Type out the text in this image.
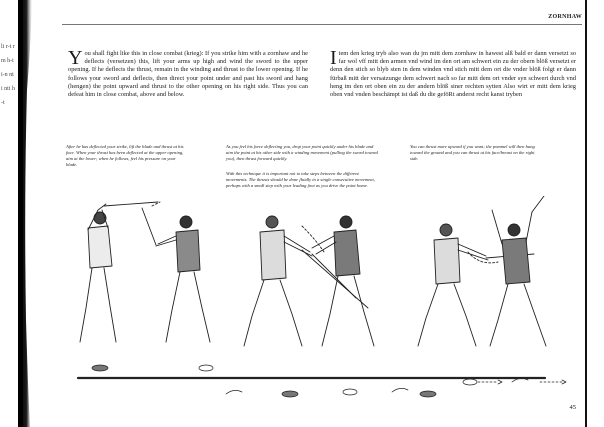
li r-t rm h-t i-n nti nti h-t
ZORNHAW
You shall fight like this in close combat (krieg): If you strike him with a zornhaw and he deflects (versetzen) this, lift your arms up high and wind the sword to the upper opening. If he deflects the thrust, remain in the winding and thrust to the lower opening. If he follows your sword and deflects, then direct your point under and past his sword and hang (hengen) the point upward and thrust to the other opening on his right side. Thus you can defeat him in close combat, above and below.
Item den krieg tryb also wan du jm mitt dem zornhaw in hawest alß bald er dann versetzt so far wol vff mitt den armen vnd wind im den ort am schwert ein zu der obern blöß versetzt er denn den stich so blyb sten in dem winden vnd stich mitt dem ort die vnder blöß folgt er dann fürbaß mitt der versatzunge dem schwert nach so far mitt dem ort vnder syn schwert durch vnd heng im den ort oben ein zu der andern blöß siner rechten sytten Also wirt er mitt dem krieg oben vnd vnden beschämpt ist daß du die geföRt anderst recht kanst tryben
After he has deflected your strike, lift the blade and thrust at his face. When your thrust has been deflected at the upper opening, aim at the lower; when he follows, feel his pressure on your blade.
As you feel his force deflecting you, drop your point quickly under his blade and aim the point at his other side with a winding movement (pulling the sword toward you), then thrust forward quickly.
With this technique it is important not to take steps between the different movements. The thrusts should be done fluidly in a single consecutive movement, perhaps with a small step with your leading foot as you drive the point home.
You can thrust more upward if you want; the pommel will then hang toward the ground and you can thrust at his face/breast on the right side.
45
